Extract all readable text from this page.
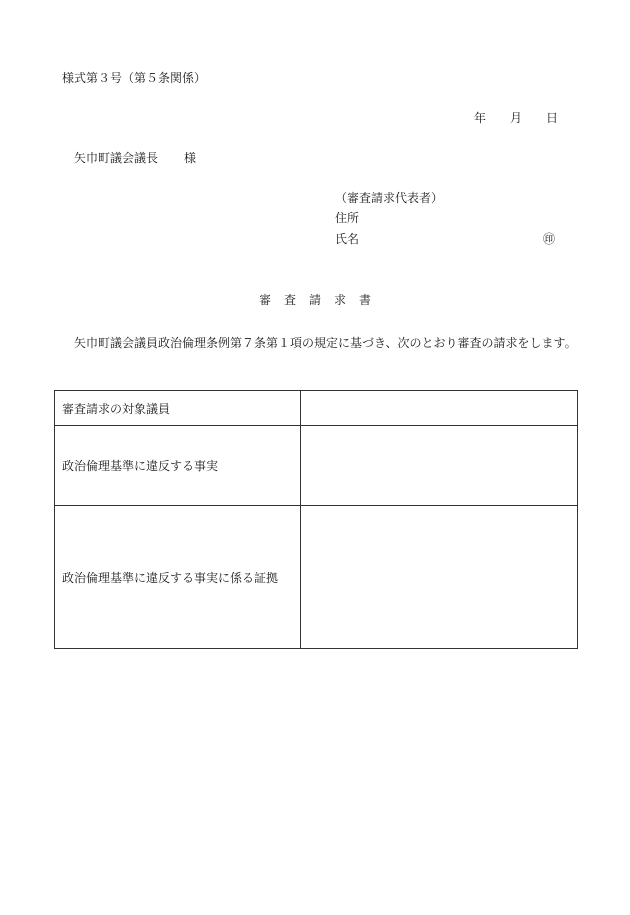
様式第３号（第５条関係）
年 月 日
矢巾町議会議長 様
（審査請求代表者）
住所
氏名	㊞
審査請求書
矢巾町議会議員政治倫理条例第７条第１項の規定に基づき、次のとおり審査の請求をします。
審査請求の対象議員	
政治倫理基準に違反する事実	
政治倫理基準に違反する事実に係る証拠	
